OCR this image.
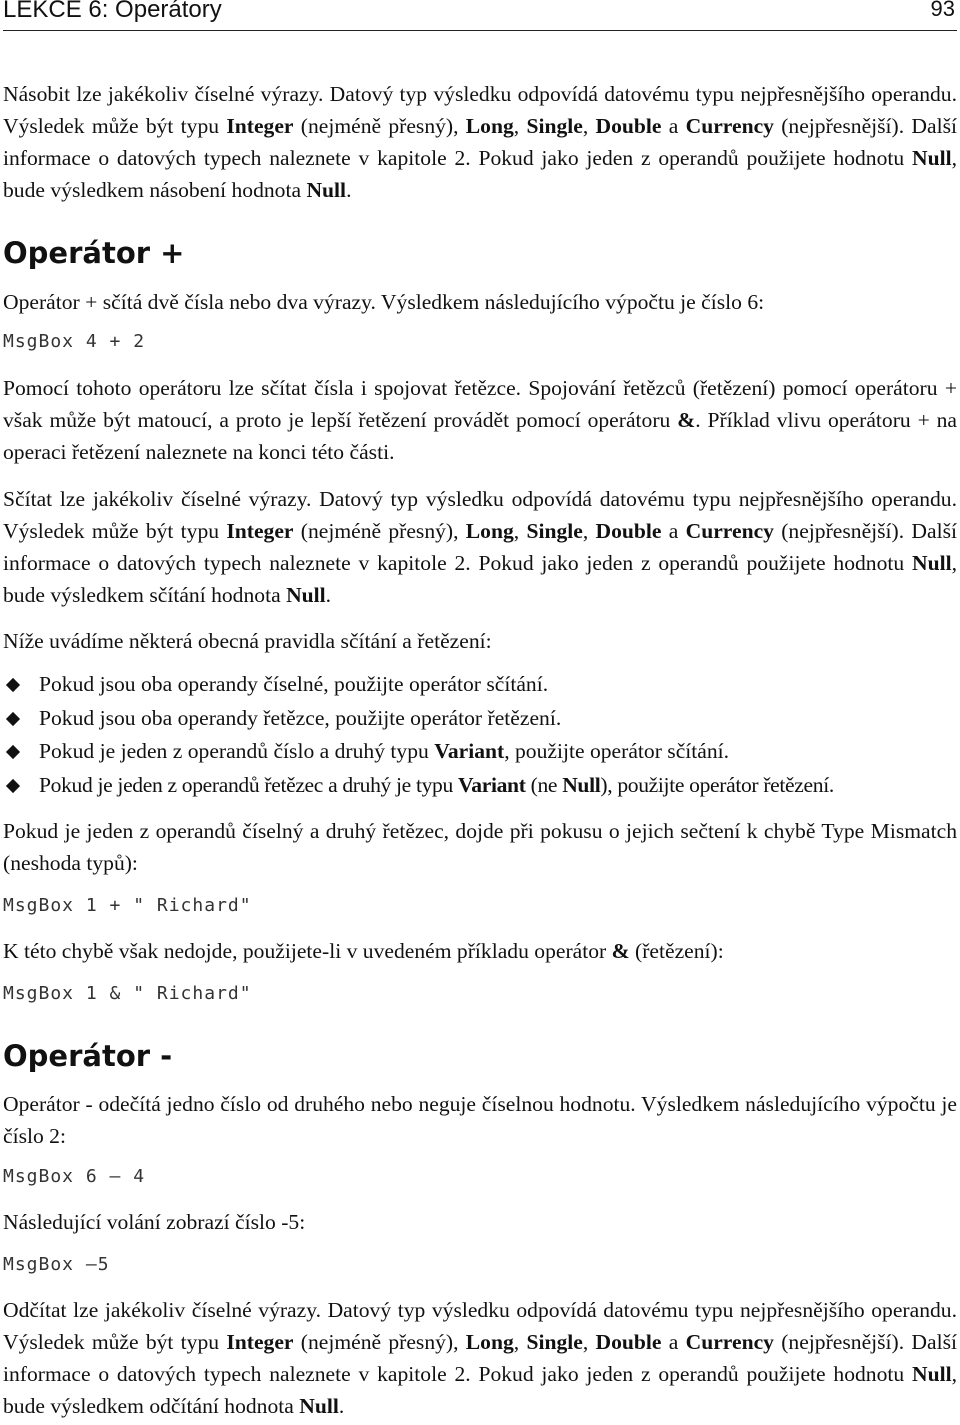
LEKCE 6: Operátory	93

Násobit lze jakékoliv číselné výrazy. Datový typ výsledku odpovídá datovému typu nejpřesnějšího operandu. Výsledek může být typu Integer (nejméně přesný), Long, Single, Double a Currency (nejpřesnější). Další informace o datových typech naleznete v kapitole 2. Pokud jako jeden z operandů použijete hodnotu Null, bude výsledkem násobení hodnota Null.

Operátor +

Operátor + sčítá dvě čísla nebo dva výrazy. Výsledkem následujícího výpočtu je číslo 6:

MsgBox 4 + 2

Pomocí tohoto operátoru lze sčítat čísla i spojovat řetězce. Spojování řetězců (řetězení) pomocí operátoru + však může být matoucí, a proto je lepší řetězení provádět pomocí operátoru &. Příklad vlivu operátoru + na operaci řetězení naleznete na konci této části.

Sčítat lze jakékoliv číselné výrazy. Datový typ výsledku odpovídá datovému typu nejpřesnějšího operandu. Výsledek může být typu Integer (nejméně přesný), Long, Single, Double a Currency (nejpřesnější). Další informace o datových typech naleznete v kapitole 2. Pokud jako jeden z operandů použijete hodnotu Null, bude výsledkem sčítání hodnota Null.

Níže uvádíme některá obecná pravidla sčítání a řetězení:

Pokud jsou oba operandy číselné, použijte operátor sčítání.
Pokud jsou oba operandy řetězce, použijte operátor řetězení.
Pokud je jeden z operandů číslo a druhý typu Variant, použijte operátor sčítání.
Pokud je jeden z operandů řetězec a druhý je typu Variant (ne Null), použijte operátor řetězení.

Pokud je jeden z operandů číselný a druhý řetězec, dojde při pokusu o jejich sečtení k chybě Type Mismatch (neshoda typů):

MsgBox 1 + " Richard"

K této chybě však nedojde, použijete-li v uvedeném příkladu operátor & (řetězení):

MsgBox 1 & " Richard"
Operátor -

Operátor - odečítá jedno číslo od druhého nebo neguje číselnou hodnotu. Výsledkem následujícího výpočtu je číslo 2:

MsgBox 6 – 4

Následující volání zobrazí číslo -5:

MsgBox –5

Odčítat lze jakékoliv číselné výrazy. Datový typ výsledku odpovídá datovému typu nejpřesnějšího operandu. Výsledek může být typu Integer (nejméně přesný), Long, Single, Double a Currency (nejpřesnější). Další informace o datových typech naleznete v kapitole 2. Pokud jako jeden z operandů použijete hodnotu Null, bude výsledkem odčítání hodnota Null.
